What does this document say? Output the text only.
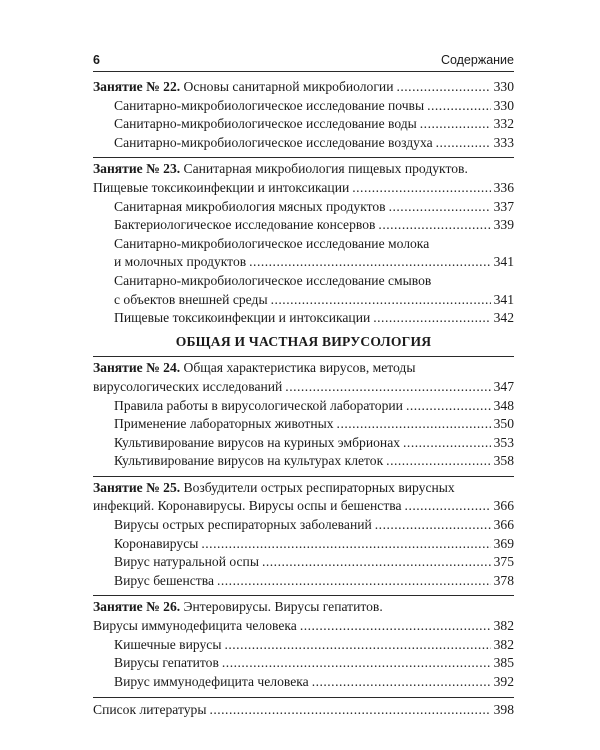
6	Содержание
Занятие № 22. Основы санитарной микробиологии .....	330
Санитарно-микробиологическое исследование почвы .....	330
Санитарно-микробиологическое исследование воды .....	332
Санитарно-микробиологическое исследование воздуха .....	333
Занятие № 23. Санитарная микробиология пищевых продуктов.
Пищевые токсикоинфекции и интоксикации .....	336
Санитарная микробиология мясных продуктов .....	337
Бактериологическое исследование консервов .....	339
Санитарно-микробиологическое исследование молока
и молочных продуктов .....	341
Санитарно-микробиологическое исследование смывов
с объектов внешней среды .....	341
Пищевые токсикоинфекции и интоксикации .....	342
ОБЩАЯ И ЧАСТНАЯ ВИРУСОЛОГИЯ
Занятие № 24. Общая характеристика вирусов, методы
вирусологических исследований .....	347
Правила работы в вирусологической лаборатории .....	348
Применение лабораторных животных .....	350
Культивирование вирусов на куриных эмбрионах .....	353
Культивирование вирусов на культурах клеток .....	358
Занятие № 25. Возбудители острых респираторных вирусных
инфекций. Коронавирусы. Вирусы оспы и бешенства .....	366
Вирусы острых респираторных заболеваний .....	366
Коронавирусы .....	369
Вирус натуральной оспы .....	375
Вирус бешенства .....	378
Занятие № 26. Энтеровирусы. Вирусы гепатитов.
Вирусы иммунодефицита человека .....	382
Кишечные вирусы .....	382
Вирусы гепатитов .....	385
Вирус иммунодефицита человека .....	392
Список литературы .....	398
